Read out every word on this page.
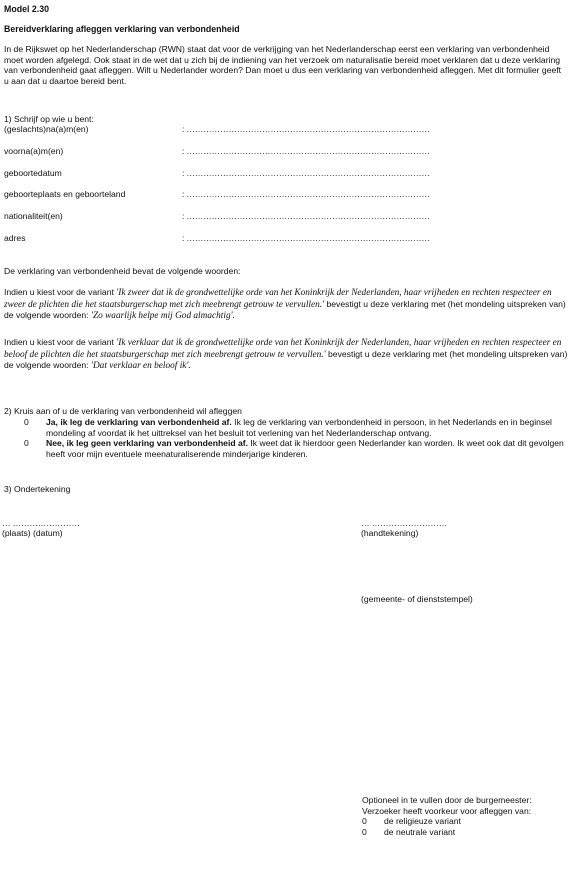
Model 2.30
Bereidverklaring afleggen verklaring van verbondenheid
In de Rijkswet op het Nederlanderschap (RWN) staat dat voor de verkrijging van het Nederlanderschap eerst een verklaring van verbondenheid moet worden afgelegd. Ook staat in de wet dat u zich bij de indiening van het verzoek om naturalisatie bereid moet verklaren dat u deze verklaring van verbondenheid gaat afleggen. Wilt u Nederlander worden? Dan moet u dus een verklaring van verbondenheid afleggen. Met dit formulier geeft u aan dat u daartoe bereid bent.
1) Schrijf op wie u bent:
(geslachts)na(a)m(en)	: ……………………………………………………………………………
voorna(a)m(en)	: ……………………………………………………………………………
geboortedatum	: ……………………………………………………………………………
geboorteplaats en geboorteland	: ……………………………………………………………………………
nationaliteit(en)	: ……………………………………………………………………………
adres	: ……………………………………………………………………………
De verklaring van verbondenheid bevat de volgende woorden:
Indien u kiest voor de variant 'Ik zweer dat ik de grondwettelijke orde van het Koninkrijk der Nederlanden, haar vrijheden en rechten respecteer en zweer de plichten die het staatsburgerschap met zich meebrengt getrouw te vervullen.' bevestigt u deze verklaring met (het mondeling uitspreken van) de volgende woorden: 'Zo waarlijk helpe mij God almachtig'.
Indien u kiest voor de variant 'Ik verklaar dat ik de grondwettelijke orde van het Koninkrijk der Nederlanden, haar vrijheden en rechten respecteer en beloof de plichten die het staatsburgerschap met zich meebrengt getrouw te vervullen.' bevestigt u deze verklaring met (het mondeling uitspreken van) de volgende woorden: 'Dat verklaar en beloof ik'.
2) Kruis aan of u de verklaring van verbondenheid wil afleggen
0 Ja, ik leg de verklaring van verbondenheid af. Ik leg de verklaring van verbondenheid in persoon, in het Nederlands en in beginsel mondeling af voordat ik het uittreksel van het besluit tot verlening van het Nederlanderschap ontvang.
0 Nee, ik leg geen verklaring van verbondenheid af. Ik weet dat ik hierdoor geen Nederlander kan worden. Ik weet ook dat dit gevolgen heeft voor mijn eventuele meenaturaliserende minderjarige kinderen.
3) Ondertekening
… ……………………	… ………………………
(plaats) (datum)	(handtekening)
(gemeente- of dienststempel)
Optioneel in te vullen door de burgemeester:
Verzoeker heeft voorkeur voor afleggen van:
0 de religieuze variant
0 de neutrale variant
